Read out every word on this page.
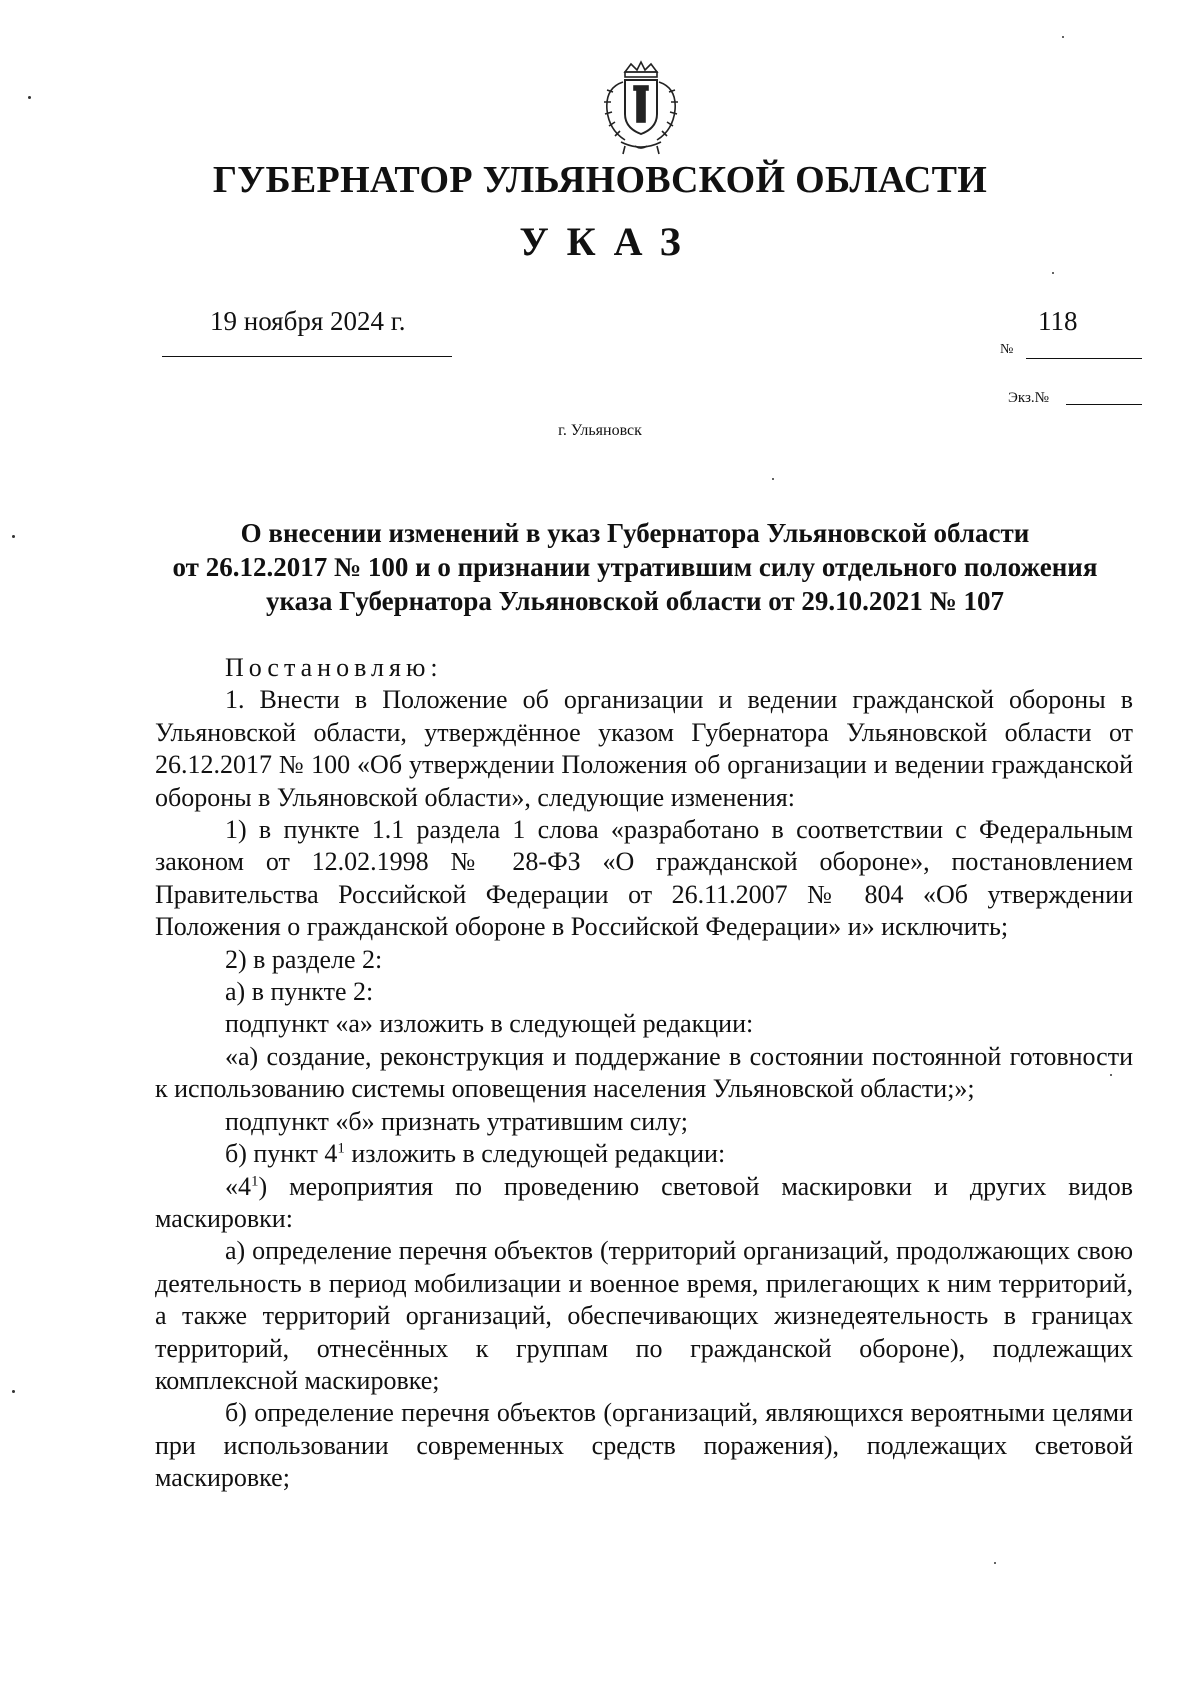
ГУБЕРНАТОР УЛЬЯНОВСКОЙ ОБЛАСТИ
УКАЗ
19 ноября 2024 г.	118
№
Экз.№
г. Ульяновск
О внесении изменений в указ Губернатора Ульяновской области
от 26.12.2017 № 100 и о признании утратившим силу отдельного положения
указа Губернатора Ульяновской области от 29.10.2021 № 107

Постановляю:

1. Внести в Положение об организации и ведении гражданской обороны в Ульяновской области, утверждённое указом Губернатора Ульяновской области от 26.12.2017 № 100 «Об утверждении Положения об организации и ведении гражданской обороны в Ульяновской области», следующие изменения:

1) в пункте 1.1 раздела 1 слова «разработано в соответствии с Федеральным законом от 12.02.1998 № 28-ФЗ «О гражданской обороне», постановлением Правительства Российской Федерации от 26.11.2007 № 804 «Об утверждении Положения о гражданской обороне в Российской Федерации» и» исключить;

2) в разделе 2:

а) в пункте 2:

подпункт «а» изложить в следующей редакции:

«а) создание, реконструкция и поддержание в состоянии постоянной готовности к использованию системы оповещения населения Ульяновской области;»;

подпункт «б» признать утратившим силу;

б) пункт $4^1$ изложить в следующей редакции:

«$4^1$) мероприятия по проведению световой маскировки и других видов маскировки:

а) определение перечня объектов (территорий организаций, продолжающих свою деятельность в период мобилизации и военное время, прилегающих к ним территорий, а также территорий организаций, обеспечивающих жизнедеятельность в границах территорий, отнесённых к группам по гражданской обороне), подлежащих комплексной маскировке;

б) определение перечня объектов (организаций, являющихся вероятными целями при использовании современных средств поражения), подлежащих световой маскировке;
